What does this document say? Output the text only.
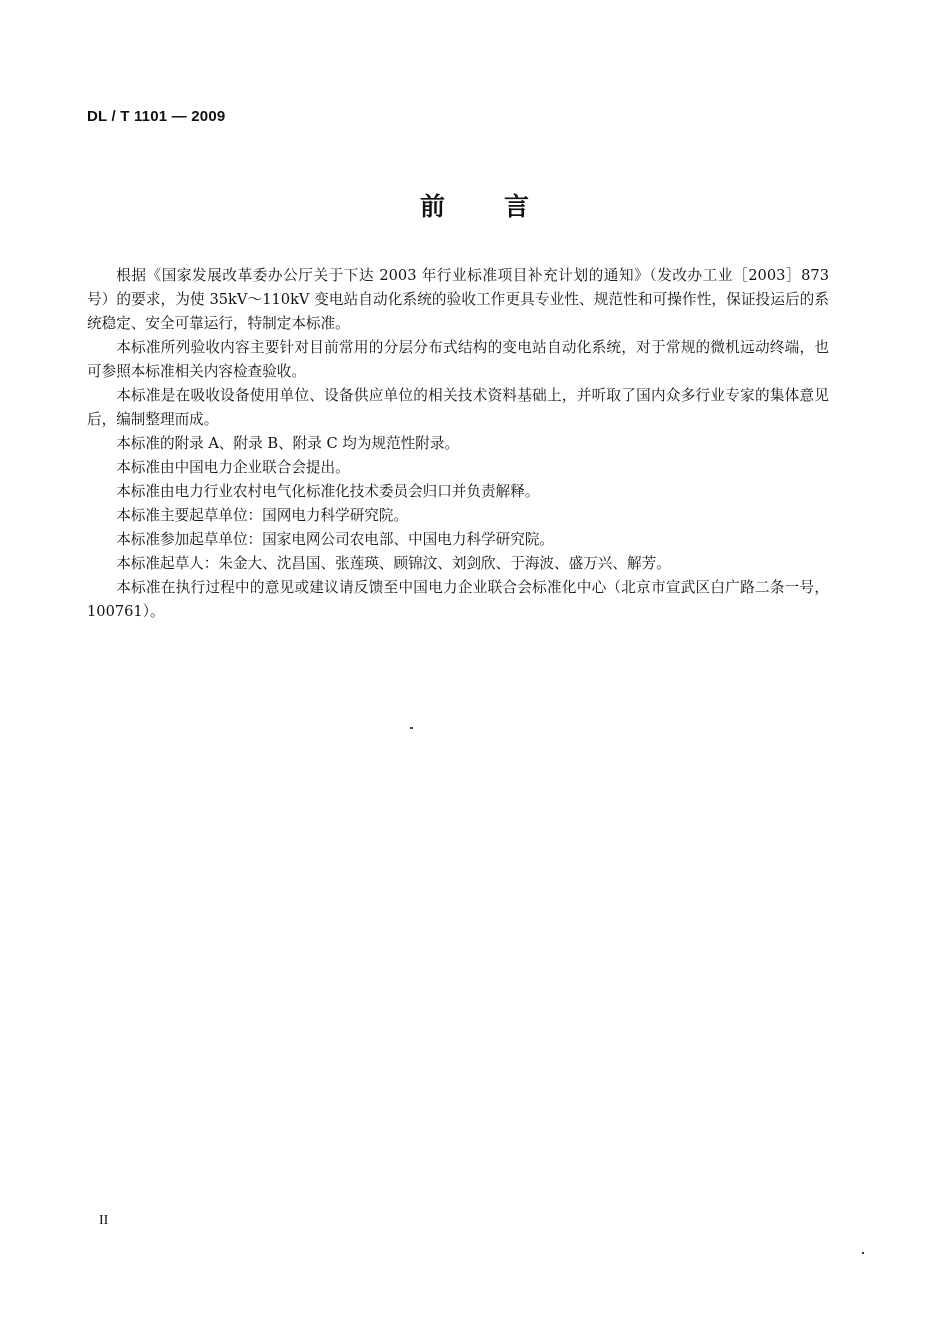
DL / T 1101 — 2009
前 言

根据《国家发展改革委办公厅关于下达 2003 年行业标准项目补充计划的通知》（发改办工业［2003］873 号）的要求，为使 35kV～110kV 变电站自动化系统的验收工作更具专业性、规范性和可操作性，保证投运后的系统稳定、安全可靠运行，特制定本标准。

本标准所列验收内容主要针对目前常用的分层分布式结构的变电站自动化系统，对于常规的微机远动终端，也可参照本标准相关内容检查验收。

本标准是在吸收设备使用单位、设备供应单位的相关技术资料基础上，并听取了国内众多行业专家的集体意见后，编制整理而成。

本标准的附录 A、附录 B、附录 C 均为规范性附录。

本标准由中国电力企业联合会提出。

本标准由电力行业农村电气化标准化技术委员会归口并负责解释。

本标准主要起草单位：国网电力科学研究院。

本标准参加起草单位：国家电网公司农电部、中国电力科学研究院。

本标准起草人：朱金大、沈昌国、张莲瑛、顾锦汶、刘剑欣、于海波、盛万兴、解芳。

本标准在执行过程中的意见或建议请反馈至中国电力企业联合会标准化中心（北京市宣武区白广路二条一号，100761）。

II
